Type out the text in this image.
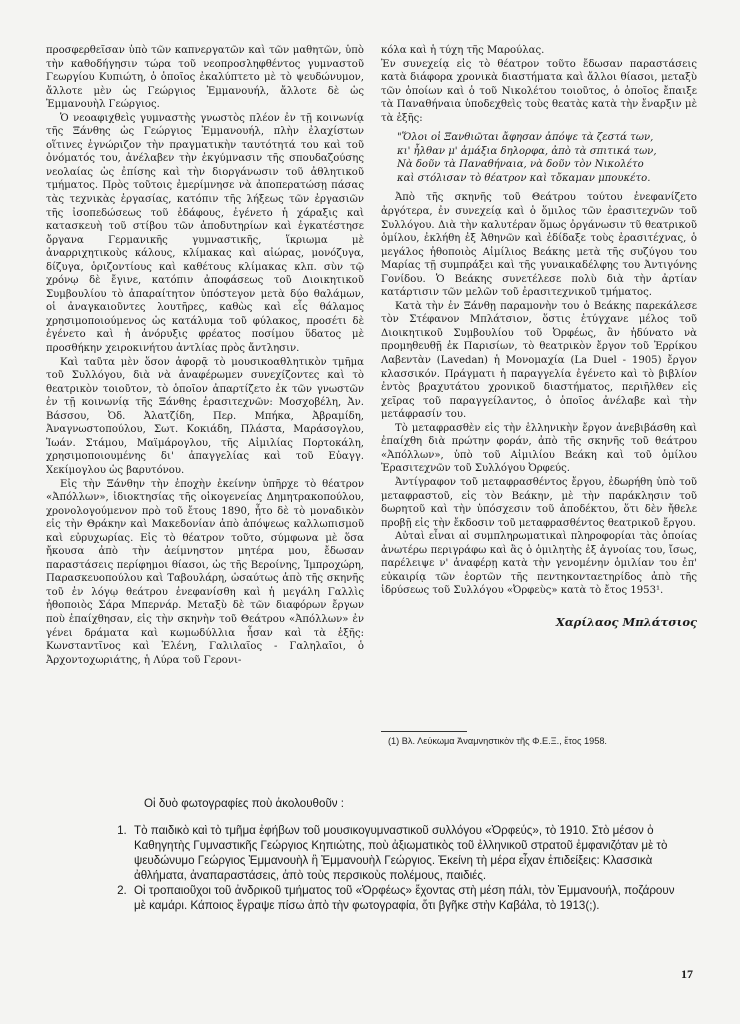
προσφερθεῖσαν ὑπὸ τῶν καπνεργατῶν καὶ τῶν μαθητῶν, ὑπὸ τὴν καθοδήγησιν τώρα τοῦ νεοπροσληφθέντος γυμναστοῦ Γεωργίου Κυπιώτη, ὁ ὁποῖος ἐκαλύπτετο μὲ τὸ ψευδώνυμον, ἄλλοτε μὲν ὡς Γεώργιος Ἐμμανουήλ, ἄλλοτε δὲ ὡς Ἐμμανουὴλ Γεώργιος.

Ὁ νεοαφιχθεὶς γυμναστὴς γνωστὸς πλέον ἐν τῇ κοινωνίᾳ τῆς Ξάνθης ὡς Γεώργιος Ἐμμανουήλ, πλὴν ἐλαχίστων οἵτινες ἐγνώριζον τὴν πραγματικὴν ταυτότητά του καὶ τοῦ ὀνόματός του, ἀνέλαβεν τὴν ἐκγύμνασιν τῆς σπουδαζούσης νεολαίας ὡς ἐπίσης καὶ τὴν διοργάνωσιν τοῦ ἀθλητικοῦ τμήματος. Πρὸς τοῦτοις ἐμερίμνησε νὰ ἀποπερατώσῃ πάσας τὰς τεχνικὰς ἐργασίας, κατόπιν τῆς λήξεως τῶν ἐργασιῶν τῆς ἰσοπεδώσεως τοῦ ἐδάφους, ἐγένετο ἡ χάραξις καὶ κατασκευὴ τοῦ στίβου τῶν ἀποδυτηρίων καὶ ἐγκατέστησε ὄργανα Γερμανικῆς γυμναστικῆς, ἵκριωμα μὲ ἀναρριχητικοὺς κάλους, κλίμακας καὶ αἰώρας, μονόζυγα, δίζυγα, ὁριζοντίους καὶ καθέτους κλίμακας κλπ. σὺν τῷ χρόνῳ δὲ ἔγινε, κατόπιν ἀποφάσεως τοῦ Διοικητικοῦ Συμβουλίου τὸ ἀπαραίτητον ὑπόστεγον μετὰ δύο θαλάμων, οἱ ἀναγκαιοῦντες λουτῆρες, καθὼς καὶ εἷς θάλαμος χρησιμοποιούμενος ὡς κατάλυμα τοῦ φύλακος, προσέτι δὲ ἐγένετο καὶ ἡ ἀνόρυξις φρέατος ποσίμου ὕδατος μὲ προσθήκην χειροκινήτου ἀντλίας πρὸς ἄντλησιν.

Καὶ ταῦτα μὲν ὅσον ἀφορᾷ τὸ μουσικοαθλητικὸν τμῆμα τοῦ Συλλόγου, διὰ νὰ ἀναφέρωμεν συνεχίζοντες καὶ τὸ θεατρικὸν τοιοῦτον, τὸ ὁποῖον ἀπαρτίζετο ἐκ τῶν γνωστῶν ἐν τῇ κοινωνίᾳ τῆς Ξάνθης ἐρασιτεχνῶν: Μοσχοβέλη, Ἀν. Βάσσου, Ὀδ. Ἀλατζίδη, Περ. Μπήκα, Ἀβραμίδη, Ἀναγνωστοπούλου, Σωτ. Κοκιάδη, Πλάστα, Μαράσογλου, Ἰωάν. Στάμου, Μαϊμάρογλου, τῆς Αἰμιλίας Πορτοκάλη, χρησιμοποιουμένης δι' ἀπαγγελίας καὶ τοῦ Εὐαγγ. Χεκίμογλου ὡς βαρυτόνου.

Εἰς τὴν Ξάνθην τὴν ἐποχὴν ἐκείνην ὑπῆρχε τὸ θέατρον «Ἀπόλλων», ἰδιοκτησίας τῆς οἰκογενείας Δημητρακοπούλου, χρονολογούμενον πρὸ τοῦ ἔτους 1890, ἦτο δὲ τὸ μοναδικὸν εἰς τὴν Θράκην καὶ Μακεδονίαν ἀπὸ ἀπόψεως καλλωπισμοῦ καὶ εὐρυχωρίας. Εἰς τὸ θέατρον τοῦτο, σύμφωνα μὲ ὅσα ἤκουσα ἀπὸ τὴν ἀείμνηστον μητέρα μου, ἔδωσαν παραστάσεις περίφημοι θίασοι, ὡς τῆς Βεροίνης, Ἰμπροχώρη, Παρασκευοπούλου καὶ Ταβουλάρη, ὡσαύτως ἀπὸ τῆς σκηνῆς τοῦ ἐν λόγῳ θεάτρου ἐνεφανίσθη καὶ ἡ μεγάλη Γαλλὶς ἠθοποιὸς Σάρα Μπερνάρ. Μεταξὺ δὲ τῶν διαφόρων ἔργων ποὺ ἐπαίχθησαν, εἰς τὴν σκηνὴν τοῦ Θεάτρου «Ἀπόλλων» ἐν γένει δράματα καὶ κωμωδύλλια ἦσαν καὶ τὰ ἑξῆς: Κωνσταντῖνος καὶ Ἑλένη, Γαλιλαῖος - Γαληλαῖοι, ὁ Ἀρχοντοχωριάτης, ἡ Λύρα τοῦ Γερονι-

κόλα καὶ ἡ τύχη τῆς Μαρούλας.

Ἐν συνεχείᾳ εἰς τὸ θέατρον τοῦτο ἔδωσαν παραστάσεις κατὰ διάφορα χρονικὰ διαστήματα καὶ ἄλλοι θίασοι, μεταξὺ τῶν ὁποίων καὶ ὁ τοῦ Νικολέτου τοιοῦτος, ὁ ὁποῖος ἔπαιξε τὰ Παναθήναια ὑποδεχθεὶς τοὺς θεατὰς κατὰ τὴν ἔναρξιν μὲ τὰ ἑξῆς:

"Ὅλοι οἱ Ξανθιῶται ἄφησαν ἀπόψε τὰ ζεστά των,
κι' ἦλθαν μ' ἁμάξια δηλορφα, ἀπὸ τὰ σπιτικά των,
Νὰ δοῦν τὰ Παναθήναια, νὰ δοῦν τὸν Νικολέτο
καὶ στόλισαν τὸ θέατρον καὶ τὄκαμαν μπουκέτο.

Ἀπὸ τῆς σκηνῆς τοῦ Θεάτρου τούτου ἐνεφανίζετο ἀργότερα, ἐν συνεχείᾳ καὶ ὁ ὅμιλος τῶν ἐρασιτεχνῶν τοῦ Συλλόγου. Διὰ τὴν καλυτέραν ὅμως ὀργάνωσιν τῦ θεατρικοῦ ὁμίλου, ἐκλήθη ἐξ Ἀθηνῶν καὶ ἐδίδαξε τοὺς ἐρασιτέχνας, ὁ μεγάλος ἠθοποιὸς Αἰμίλιος Βεάκης μετὰ τῆς συζύγου του Μαρίας τῇ συμπράξει καὶ τῆς γυναικαδέλφης του Ἀντιγόνης Γονίδου. Ὁ Βεάκης συνετέλεσε πολὺ διὰ τὴν ἀρτίαν κατάρτισιν τῶν μελῶν τοῦ ἐρασιτεχνικοῦ τμήματος.

Κατὰ τὴν ἐν Ξάνθῃ παραμονὴν του ὁ Βεάκης παρεκάλεσε τὸν Στέφανον Μπλάτσιον, ὅστις ἐτύγχανε μέλος τοῦ Διοικητικοῦ Συμβουλίου τοῦ Ὀρφέως, ἂν ἠδύνατο νὰ προμηθευθῇ ἐκ Παρισίων, τὸ θεατρικὸν ἔργον τοῦ Ἐρρίκου Λαβεντὰν (Lavedan) ἡ Μονομαχία (La Duel - 1905) ἔργον κλασσικόν. Πράγματι ἡ παραγγελία ἐγένετο καὶ τὸ βιβλίον ἐντὸς βραχυτάτου χρονικοῦ διαστήματος, περιῆλθεν εἰς χεῖρας τοῦ παραγγείλαντος, ὁ ὁποῖος ἀνέλαβε καὶ τὴν μετάφρασίν του.

Τὸ μεταφρασθὲν εἰς τὴν ἑλληνικὴν ἔργον ἀνεβιβάσθη καὶ ἐπαίχθη διὰ πρώτην φοράν, ἀπὸ τῆς σκηνῆς τοῦ θεάτρου «Ἀπόλλων», ὑπὸ τοῦ Αἰμιλίου Βεάκη καὶ τοῦ ὁμίλου Ἐρασιτεχνῶν τοῦ Συλλόγου Ὀρφεύς.

Ἀντίγραφον τοῦ μεταφρασθέντος ἔργου, ἐδωρήθη ὑπὸ τοῦ μεταφραστοῦ, εἰς τὸν Βεάκην, μὲ τὴν παράκλησιν τοῦ δωρητοῦ καὶ τὴν ὑπόσχεσιν τοῦ ἀποδέκτου, ὅτι δὲν ἤθελε προβῇ εἰς τὴν ἔκδοσιν τοῦ μεταφρασθέντος θεατρικοῦ ἔργου.

Αὐταὶ εἶναι αἱ συμπληρωματικαὶ πληροφορίαι τὰς ὁποίας ἀνωτέρω περιγράφω καὶ ἃς ὁ ὁμιλητὴς ἐξ ἀγνοίας του, ἴσως, παρέλειψε ν' ἀναφέρῃ κατὰ τὴν γενομένην ὁμιλίαν του ἐπ' εὐκαιρίᾳ τῶν ἑορτῶν τῆς πεντηκονταετηρίδος ἀπὸ τῆς ἱδρύσεως τοῦ Συλλόγου «Ὀρφεὺς» κατὰ τὸ ἔτος 1953¹.

Χαρίλαος Μπλάτσιος

(1) Βλ. Λεύκωμα Ἀναμνηστικὸν τῆς Φ.Ε.Ξ., ἔτος 1958.

Οἱ δυὸ φωτογραφίες ποὺ ἀκολουθοῦν :

1. Τὸ παιδικὸ καὶ τὸ τμῆμα ἐφήβων τοῦ μουσικογυμναστικοῦ συλλόγου «Ὀρφεύς», τὸ 1910. Στὸ μέσον ὁ Καθηγητὴς Γυμναστικῆς Γεώργιος Κηπιώτης, ποὺ ἀξιωματικὸς τοῦ ἑλληνικοῦ στρατοῦ ἐμφανιζόταν μὲ τὸ ψευδώνυμο Γεώργιος Ἐμμανουὴλ ἢ Ἐμμανουὴλ Γεώργιος. Ἐκείνη τὴ μέρα εἶχαν ἐπιδείξεις: Κλασσικὰ ἀθλήματα, ἀναπαραστάσεις, ἀπὸ τοὺς περσικοὺς πολέμους, παιδιές.
2. Οἱ τροπαιοῦχοι τοῦ ἀνδρικοῦ τμήματος τοῦ «Ὀρφέως» ἔχοντας στὴ μέση πάλι, τὸν Ἐμμανουήλ, ποζάρουν μὲ καμάρι. Κάποιος ἔγραψε πίσω ἀπὸ τὴν φωτογραφία, ὅτι βγῆκε στὴν Καβάλα, τὸ 1913(;).
17
